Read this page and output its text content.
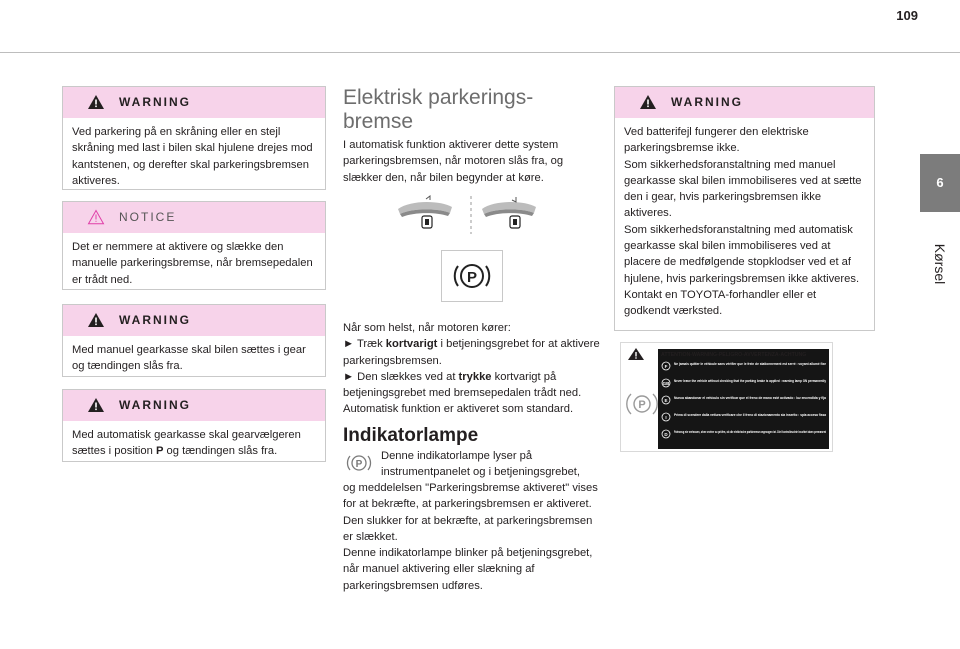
109
6
Kørsel
WARNING
Ved parkering på en skråning eller en stejl skråning med last i bilen skal hjulene drejes mod kantstenen, og derefter skal parkeringsbremsen aktiveres.
NOTICE
Det er nemmere at aktivere og slække den manuelle parkeringsbremse, når bremsepedalen er trådt ned.
WARNING
Med manuel gearkasse skal bilen sættes i gear og tændingen slås fra.
WARNING
Med automatisk gearkasse skal gearvælgeren sættes i position P og tændingen slås fra.
Elektrisk parkerings-bremse
I automatisk funktion aktiverer dette system parkeringsbremsen, når motoren slås fra, og slækker den, når bilen begynder at køre.
P
Når som helst, når motoren kører:
► Træk kortvarigt i betjeningsgrebet for at aktivere parkeringsbremsen.
► Den slækkes ved at trykke kortvarigt på betjeningsgrebet med bremsepedalen trådt ned.
Automatisk funktion er aktiveret som standard.
Indikatorlampe
P
Denne indikatorlampe lyser på
instrumentpanelet og i betjeningsgrebet,
og meddelelsen "Parkeringsbremse aktiveret" vises for at bekræfte, at parkeringsbremsen er aktiveret.
Den slukker for at bekræfte, at parkeringsbremsen er slækket.
Denne indikatorlampe blinker på betjeningsgrebet, når manuel aktivering eller slækning af parkeringsbremsen udføres.
WARNING
Ved batterifejl fungerer den elektriske parkeringsbremse ikke.
Som sikkerhedsforanstaltning med manuel gearkasse skal bilen immobiliseres ved at sætte den i gear, hvis parkeringsbremsen ikke aktiveres.
Som sikkerhedsforanstaltning med automatisk gearkasse skal bilen immobiliseres ved at placere de medfølgende stopklodser ved et af hjulene, hvis parkeringsbremsen ikke aktiveres.
Kontakt en TOYOTA-forhandler eller et godkendt værksted.
ATTENTION-WARNING-PELIGRO-AVVERTENZA-ACHTUNG
P
F
Ne jamais quitter le véhicule sans vérifier que le frein de stationnement est serré : voyant allumé fixe
GB
Never leave the vehicle without checking that the parking brake is applied : warning lamp ON permanently
E
Nunca abandonar el vehículo sin verificar que el freno de mano esté activado : luz encendida y fija
I
Prima di scendere dalla vettura verificare che il freno di stazionamento sia inserito : spia accesa fissa
D
Fahrzeug nie verlassen, ohne vorher zu prüfen, ob die elektrische parkbremse angezogen ist. Die Kontrolleuchte leuchtet dann permanent
